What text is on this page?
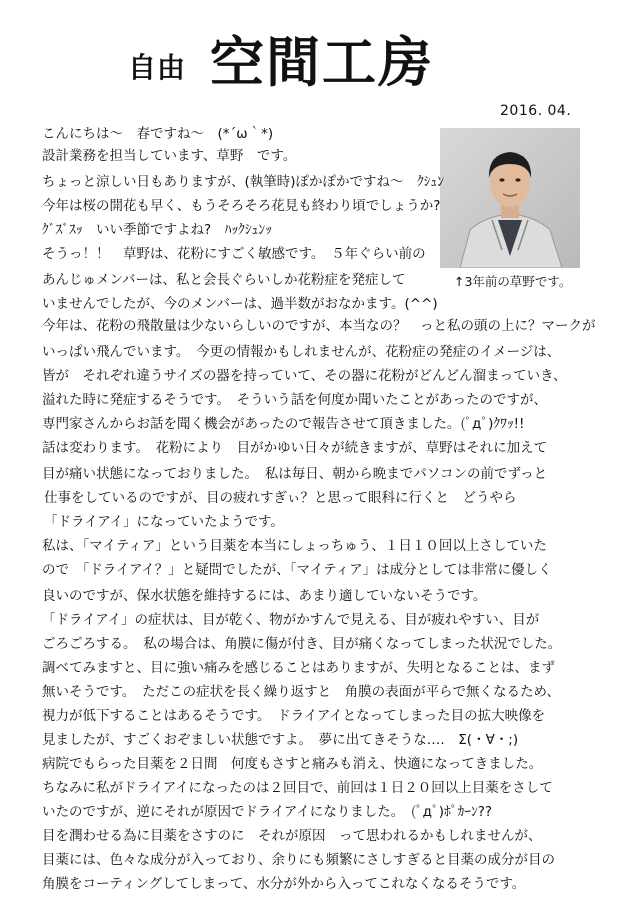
自由 空間工房
2016. 04.
↑3年前の草野です。
こんにちは～　春ですね～　(*´ω｀*)
設計業務を担当しています、草野　です。
ちょっと涼しい日もありますが、(執筆時)ぽかぽかですね～　ｸｼｭﾝ
今年は桜の開花も早く、もうそろそろ花見も終わり頃でしょうか?
ｸﾞｽﾞｽｯ　いい季節ですよね?　ﾊｯｸｼｭﾝｯ
そうっ！！　草野は、花粉にすごく敏感です。　５年ぐらい前の
あんじゅメンバーは、私と会長ぐらいしか花粉症を発症して
いませんでしたが、今のメンバーは、過半数がおなかます。(^^)
今年は、花粉の飛散量は少ないらしいのですが、本当なの？　っと私の頭の上に？マークが
いっぱい飛んでいます。　今更の情報かもしれませんが、花粉症の発症のイメージは、
皆が　それぞれ違うサイズの器を持っていて、その器に花粉がどんどん溜まっていき、
溢れた時に発症するそうです。　そういう話を何度か聞いたことがあったのですが、
専門家さんからお話を聞く機会があったので報告させて頂きました。(ﾟдﾟ)ｸﾜｯ!!
話は変わります。　花粉により　目がかゆい日々が続きますが、草野はそれに加えて
目が痛い状態になっておりました。　私は毎日、朝から晩までパソコンの前でずっと
仕事をしているのですが、目の疲れすぎぃ？と思って眼科に行くと　どうやら
「ドライアイ」になっていたようです。
私は、「マイティア」という目薬を本当にしょっちゅう、１日１０回以上さしていた
ので　「ドライアイ？」と疑問でしたが、「マイティア」は成分としては非常に優しく
良いのですが、保水状態を維持するには、あまり適していないそうです。
「ドライアイ」の症状は、目が乾く、物がかすんで見える、目が疲れやすい、目が
ごろごろする。　私の場合は、角膜に傷が付き、目が痛くなってしまった状況でした。
調べてみますと、目に強い痛みを感じることはありますが、失明となることは、まず
無いそうです。　ただこの症状を長く繰り返すと　角膜の表面が平らで無くなるため、
視力が低下することはあるそうです。　ドライアイとなってしまった目の拡大映像を
見ましたが、すごくおぞましい状態ですよ。　夢に出てきそうな‥‥　Σ(・∀・;)
病院でもらった目薬を２日間　何度もさすと痛みも消え、快適になってきました。
ちなみに私がドライアイになったのは２回目で、前回は１日２０回以上目薬をさして
いたのですが、逆にそれが原因でドライアイになりました。　(ﾟдﾟ)ﾎﾟｶｰﾝ??
目を潤わせる為に目薬をさすのに　それが原因　って思われるかもしれませんが、
目薬には、色々な成分が入っており、余りにも頻繁にさしすぎると目薬の成分が目の
角膜をコーティングしてしまって、水分が外から入ってこれなくなるそうです。
